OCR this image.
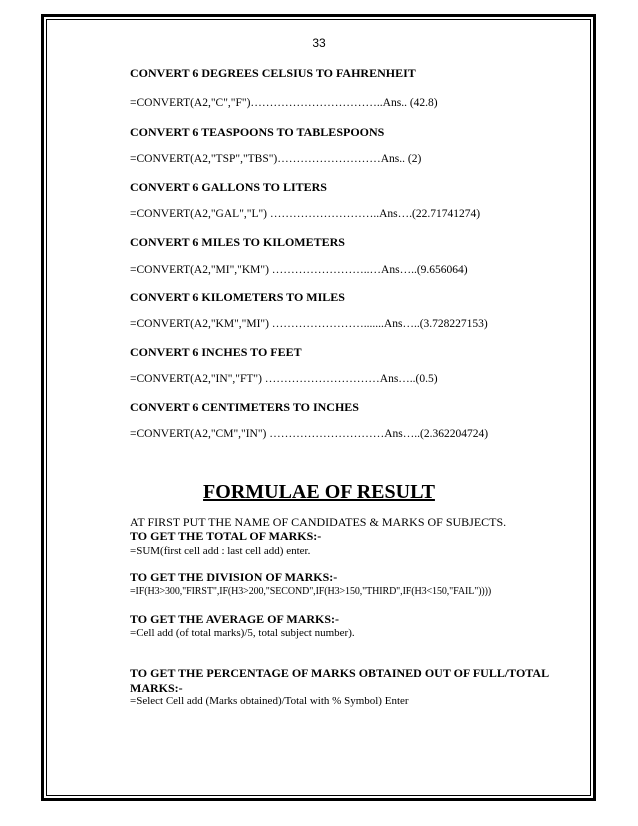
33
CONVERT 6 DEGREES CELSIUS TO FAHRENHEIT
=CONVERT(A2,"C","F")……………………………..Ans.. (42.8)
CONVERT 6 TEASPOONS TO TABLESPOONS
=CONVERT(A2,"TSP","TBS")………………………Ans.. (2)
CONVERT 6 GALLONS TO LITERS
=CONVERT(A2,"GAL","L") ………………………..Ans….(22.71741274)
CONVERT 6 MILES TO KILOMETERS
=CONVERT(A2,"MI","KM") ……………………..…Ans…..(9.656064)
CONVERT 6 KILOMETERS TO MILES
=CONVERT(A2,"KM","MI") …………………….......Ans…..(3.728227153)
CONVERT 6 INCHES TO FEET
=CONVERT(A2,"IN","FT") …………………………Ans…..(0.5)
CONVERT 6 CENTIMETERS TO INCHES
=CONVERT(A2,"CM","IN") …………………………Ans…..(2.362204724)
FORMULAE OF RESULT
AT FIRST PUT THE NAME OF CANDIDATES & MARKS OF SUBJECTS.
TO GET THE TOTAL OF MARKS:-
=SUM(first cell add : last cell add) enter.
TO GET THE DIVISION OF MARKS:-
=IF(H3>300,"FIRST",IF(H3>200,"SECOND",IF(H3>150,"THIRD",IF(H3<150,"FAIL"))))
TO GET THE AVERAGE OF MARKS:-
=Cell add (of total marks)/5, total subject number).
TO GET THE PERCENTAGE OF MARKS OBTAINED OUT OF FULL/TOTAL
MARKS:-
=Select Cell add (Marks obtained)/Total with % Symbol) Enter
